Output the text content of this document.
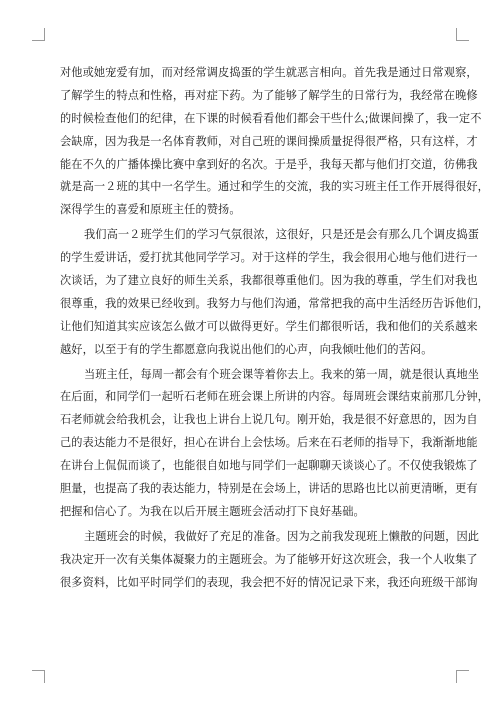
对他或她宠爱有加，而对经常调皮捣蛋的学生就恶言相向。首先我是通过日常观察，
了解学生的特点和性格，再对症下药。为了能够了解学生的日常行为，我经常在晚修
的时候检查他们的纪律，在下课的时候看看他们都会干些什么;做课间操了，我一定不
会缺席，因为我是一名体育教师，对自己班的课间操质量捉得很严格，只有这样，才
能在不久的广播体操比赛中拿到好的名次。于是乎，我每天都与他们打交道，彷佛我
就是高一２班的其中一名学生。通过和学生的交流，我的实习班主任工作开展得很好，
深得学生的喜爱和原班主任的赞扬。
我们高一２班学生们的学习气氛很浓，这很好，只是还是会有那么几个调皮捣蛋
的学生爱讲话，爱打扰其他同学学习。对于这样的学生，我会很用心地与他们进行一
次谈话，为了建立良好的师生关系，我都很尊重他们。因为我的尊重，学生们对我也
很尊重，我的效果已经收到。我努力与他们沟通，常常把我的高中生活经历告诉他们，
让他们知道其实应该怎么做才可以做得更好。学生们都很听话，我和他们的关系越来
越好，以至于有的学生都愿意向我说出他们的心声，向我倾吐他们的苦闷。
当班主任，每周一都会有个班会课等着你去上。我来的第一周，就是很认真地坐
在后面，和同学们一起听石老师在班会课上所讲的内容。每周班会课结束前那几分钟，
石老师就会给我机会，让我也上讲台上说几句。刚开始，我是很不好意思的，因为自
己的表达能力不是很好，担心在讲台上会怯场。后来在石老师的指导下，我渐渐地能
在讲台上侃侃而谈了，也能很自如地与同学们一起聊聊天谈谈心了。不仅使我锻炼了
胆量，也提高了我的表达能力，特别是在会场上，讲话的思路也比以前更清晰，更有
把握和信心了。为我在以后开展主题班会活动打下良好基础。
主题班会的时候，我做好了充足的准备。因为之前我发现班上懒散的问题，因此
我决定开一次有关集体凝聚力的主题班会。为了能够开好这次班会，我一个人收集了
很多资料，比如平时同学们的表现，我会把不好的情况记录下来，我还向班级干部询
